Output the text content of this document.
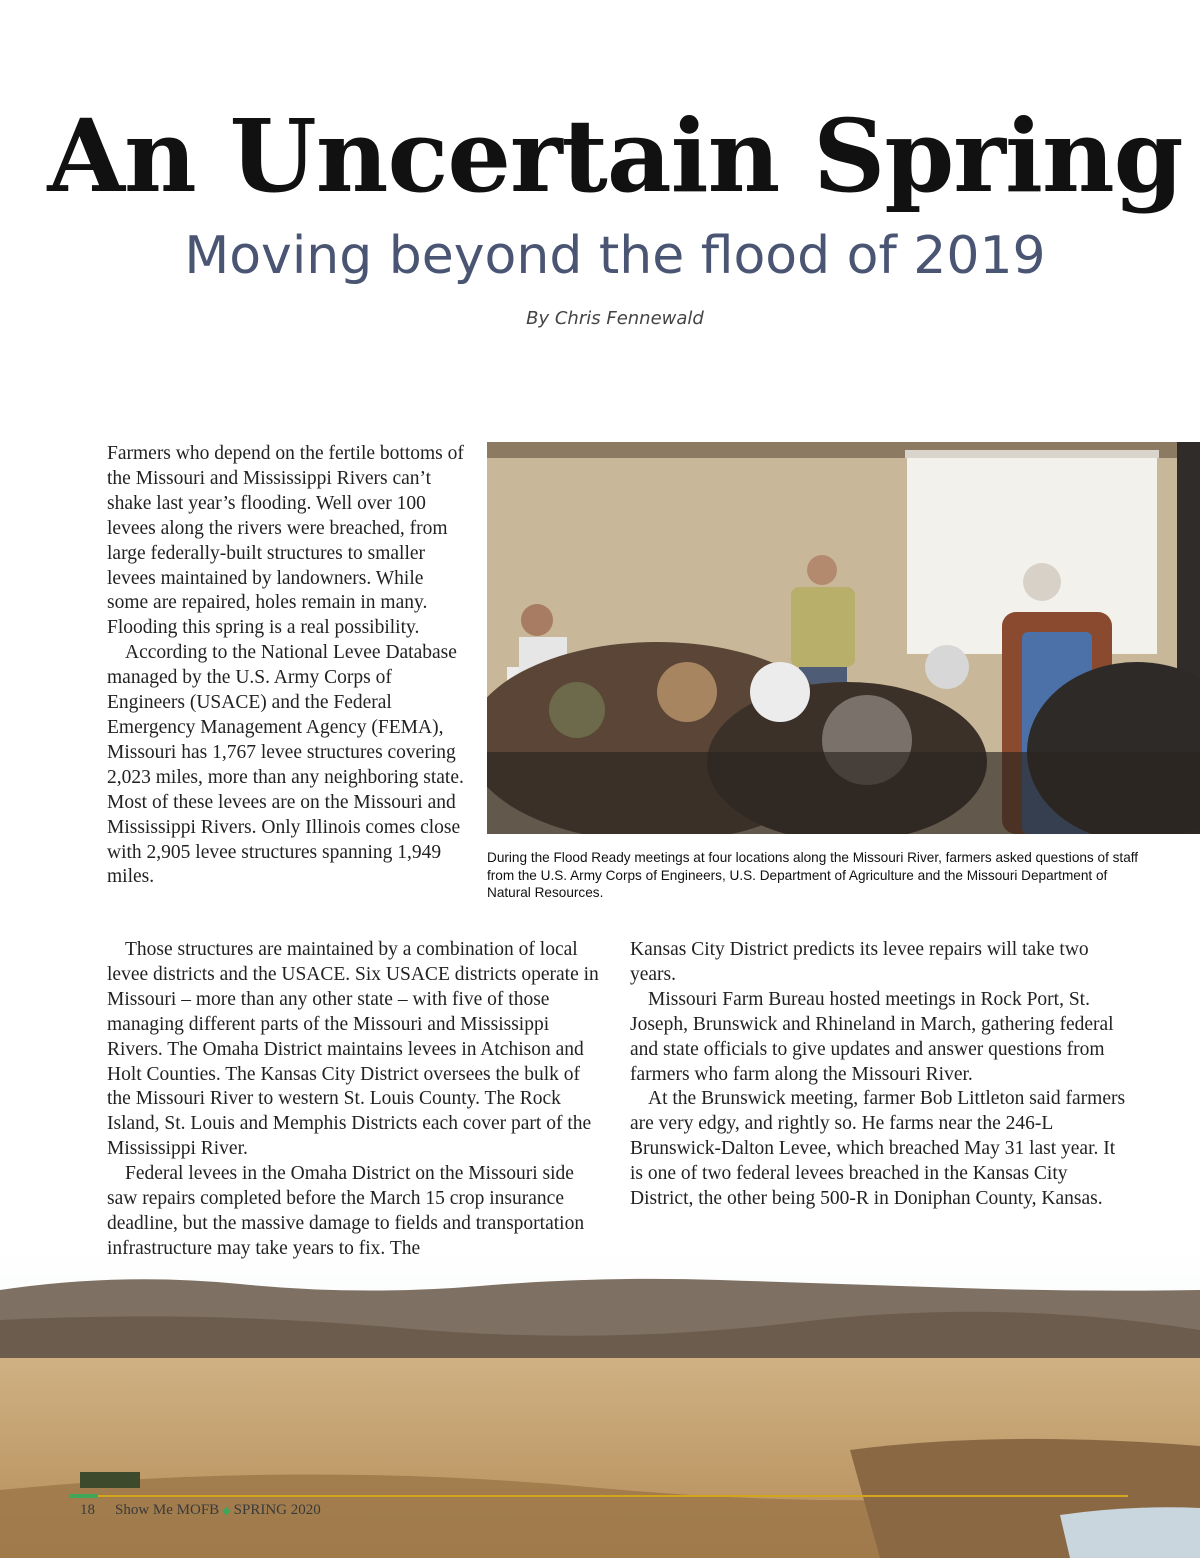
An Uncertain Spring
Moving beyond the flood of 2019
By Chris Fennewald

Farmers who depend on the fertile bottoms of the Missouri and Mississippi Rivers can’t shake last year’s flooding. Well over 100 levees along the rivers were breached, from large federally-built structures to smaller levees maintained by landowners. While some are repaired, holes remain in many. Flooding this spring is a real possibility.

According to the National Levee Database managed by the U.S. Army Corps of Engineers (USACE) and the Federal Emergency Management Agency (FEMA), Missouri has 1,767 levee structures covering 2,023 miles, more than any neighboring state. Most of these levees are on the Missouri and Mississippi Rivers. Only Illinois comes close with 2,905 levee structures spanning 1,949 miles.

During the Flood Ready meetings at four locations along the Missouri River, farmers asked questions of staff from the U.S. Army Corps of Engineers, U.S. Department of Agriculture and the Missouri Department of Natural Resources.

Those structures are maintained by a combination of local levee districts and the USACE. Six USACE districts operate in Missouri – more than any other state – with five of those managing different parts of the Missouri and Mississippi Rivers. The Omaha District maintains levees in Atchison and Holt Counties. The Kansas City District oversees the bulk of the Missouri River to western St. Louis County. The Rock Island, St. Louis and Memphis Districts each cover part of the Mississippi River.

Federal levees in the Omaha District on the Missouri side saw repairs completed before the March 15 crop insurance deadline, but the massive damage to fields and transportation infrastructure may take years to fix. The

Kansas City District predicts its levee repairs will take two years.

Missouri Farm Bureau hosted meetings in Rock Port, St. Joseph, Brunswick and Rhineland in March, gathering federal and state officials to give updates and answer questions from farmers who farm along the Missouri River.

At the Brunswick meeting, farmer Bob Littleton said farmers are very edgy, and rightly so. He farms near the 246-L Brunswick-Dalton Levee, which breached May 31 last year. It is one of two federal levees breached in the Kansas City District, the other being 500-R in Doniphan County, Kansas.

18 Show Me MOFB ◆ SPRING 2020
